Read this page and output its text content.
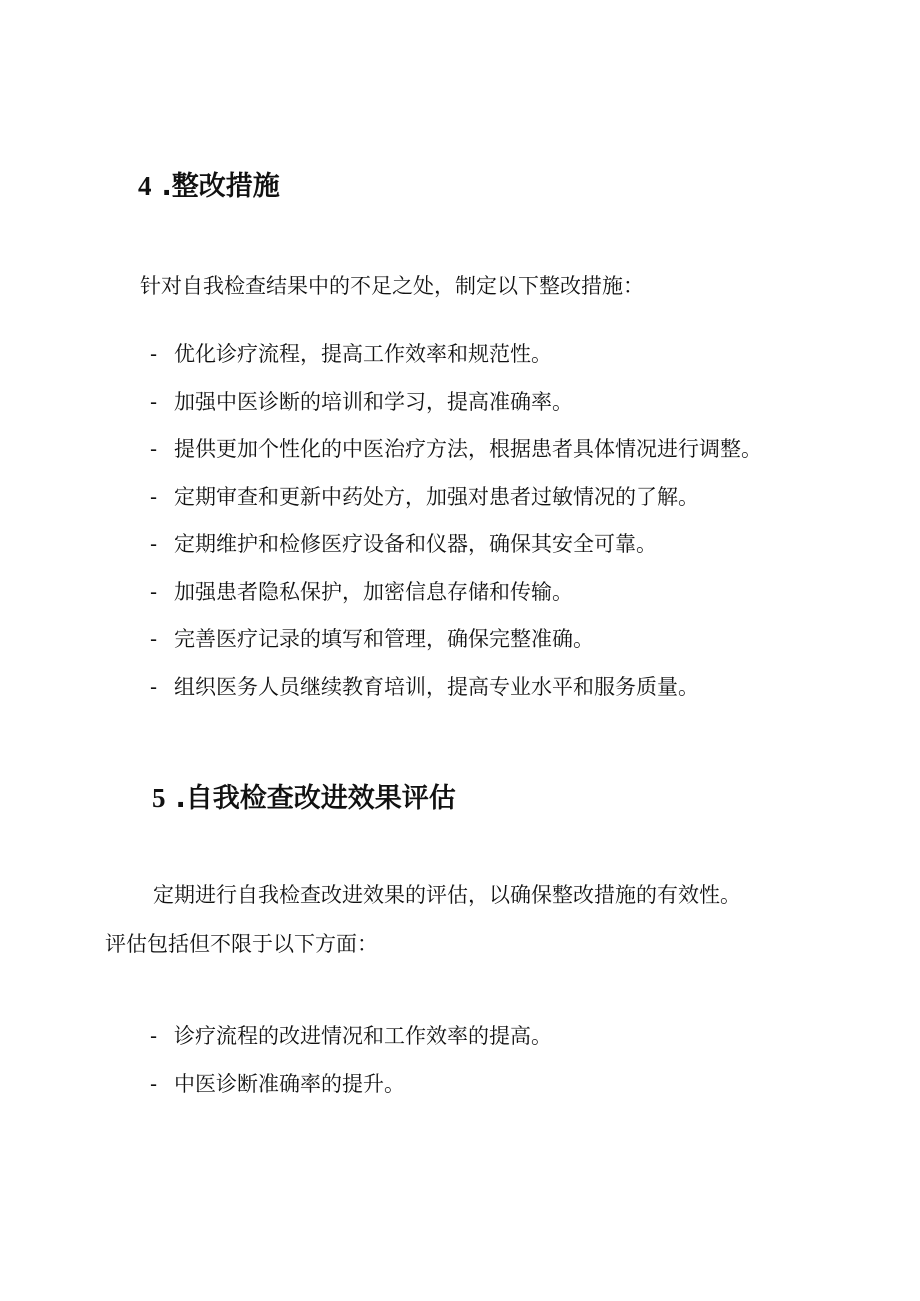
4 .整改措施
针对自我检查结果中的不足之处，制定以下整改措施：
- 优化诊疗流程，提高工作效率和规范性。
- 加强中医诊断的培训和学习，提高准确率。
- 提供更加个性化的中医治疗方法，根据患者具体情况进行调整。
- 定期审查和更新中药处方，加强对患者过敏情况的了解。
- 定期维护和检修医疗设备和仪器，确保其安全可靠。
- 加强患者隐私保护，加密信息存储和传输。
- 完善医疗记录的填写和管理，确保完整准确。
- 组织医务人员继续教育培训，提高专业水平和服务质量。
5 .自我检查改进效果评估
定期进行自我检查改进效果的评估，以确保整改措施的有效性。
评估包括但不限于以下方面：
- 诊疗流程的改进情况和工作效率的提高。
- 中医诊断准确率的提升。
